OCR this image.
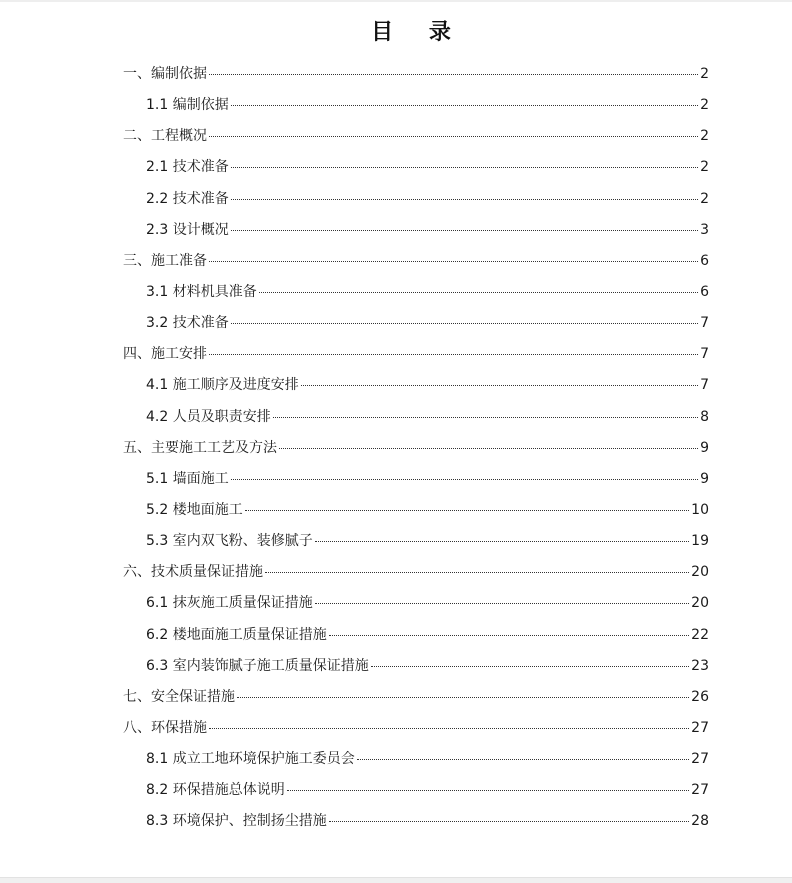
目 录
一、编制依据	2
1.1 编制依据	2
二、工程概况	2
2.1 技术准备	2
2.2 技术准备	2
2.3 设计概况	3
三、施工准备	6
3.1 材料机具准备	6
3.2 技术准备	7
四、施工安排	7
4.1 施工顺序及进度安排	7
4.2 人员及职责安排	8
五、主要施工工艺及方法	9
5.1 墙面施工	9
5.2 楼地面施工	10
5.3 室内双飞粉、装修腻子	19
六、技术质量保证措施	20
6.1 抹灰施工质量保证措施	20
6.2 楼地面施工质量保证措施	22
6.3 室内装饰腻子施工质量保证措施	23
七、安全保证措施	26
八、环保措施	27
8.1 成立工地环境保护施工委员会	27
8.2 环保措施总体说明	27
8.3 环境保护、控制扬尘措施	28
